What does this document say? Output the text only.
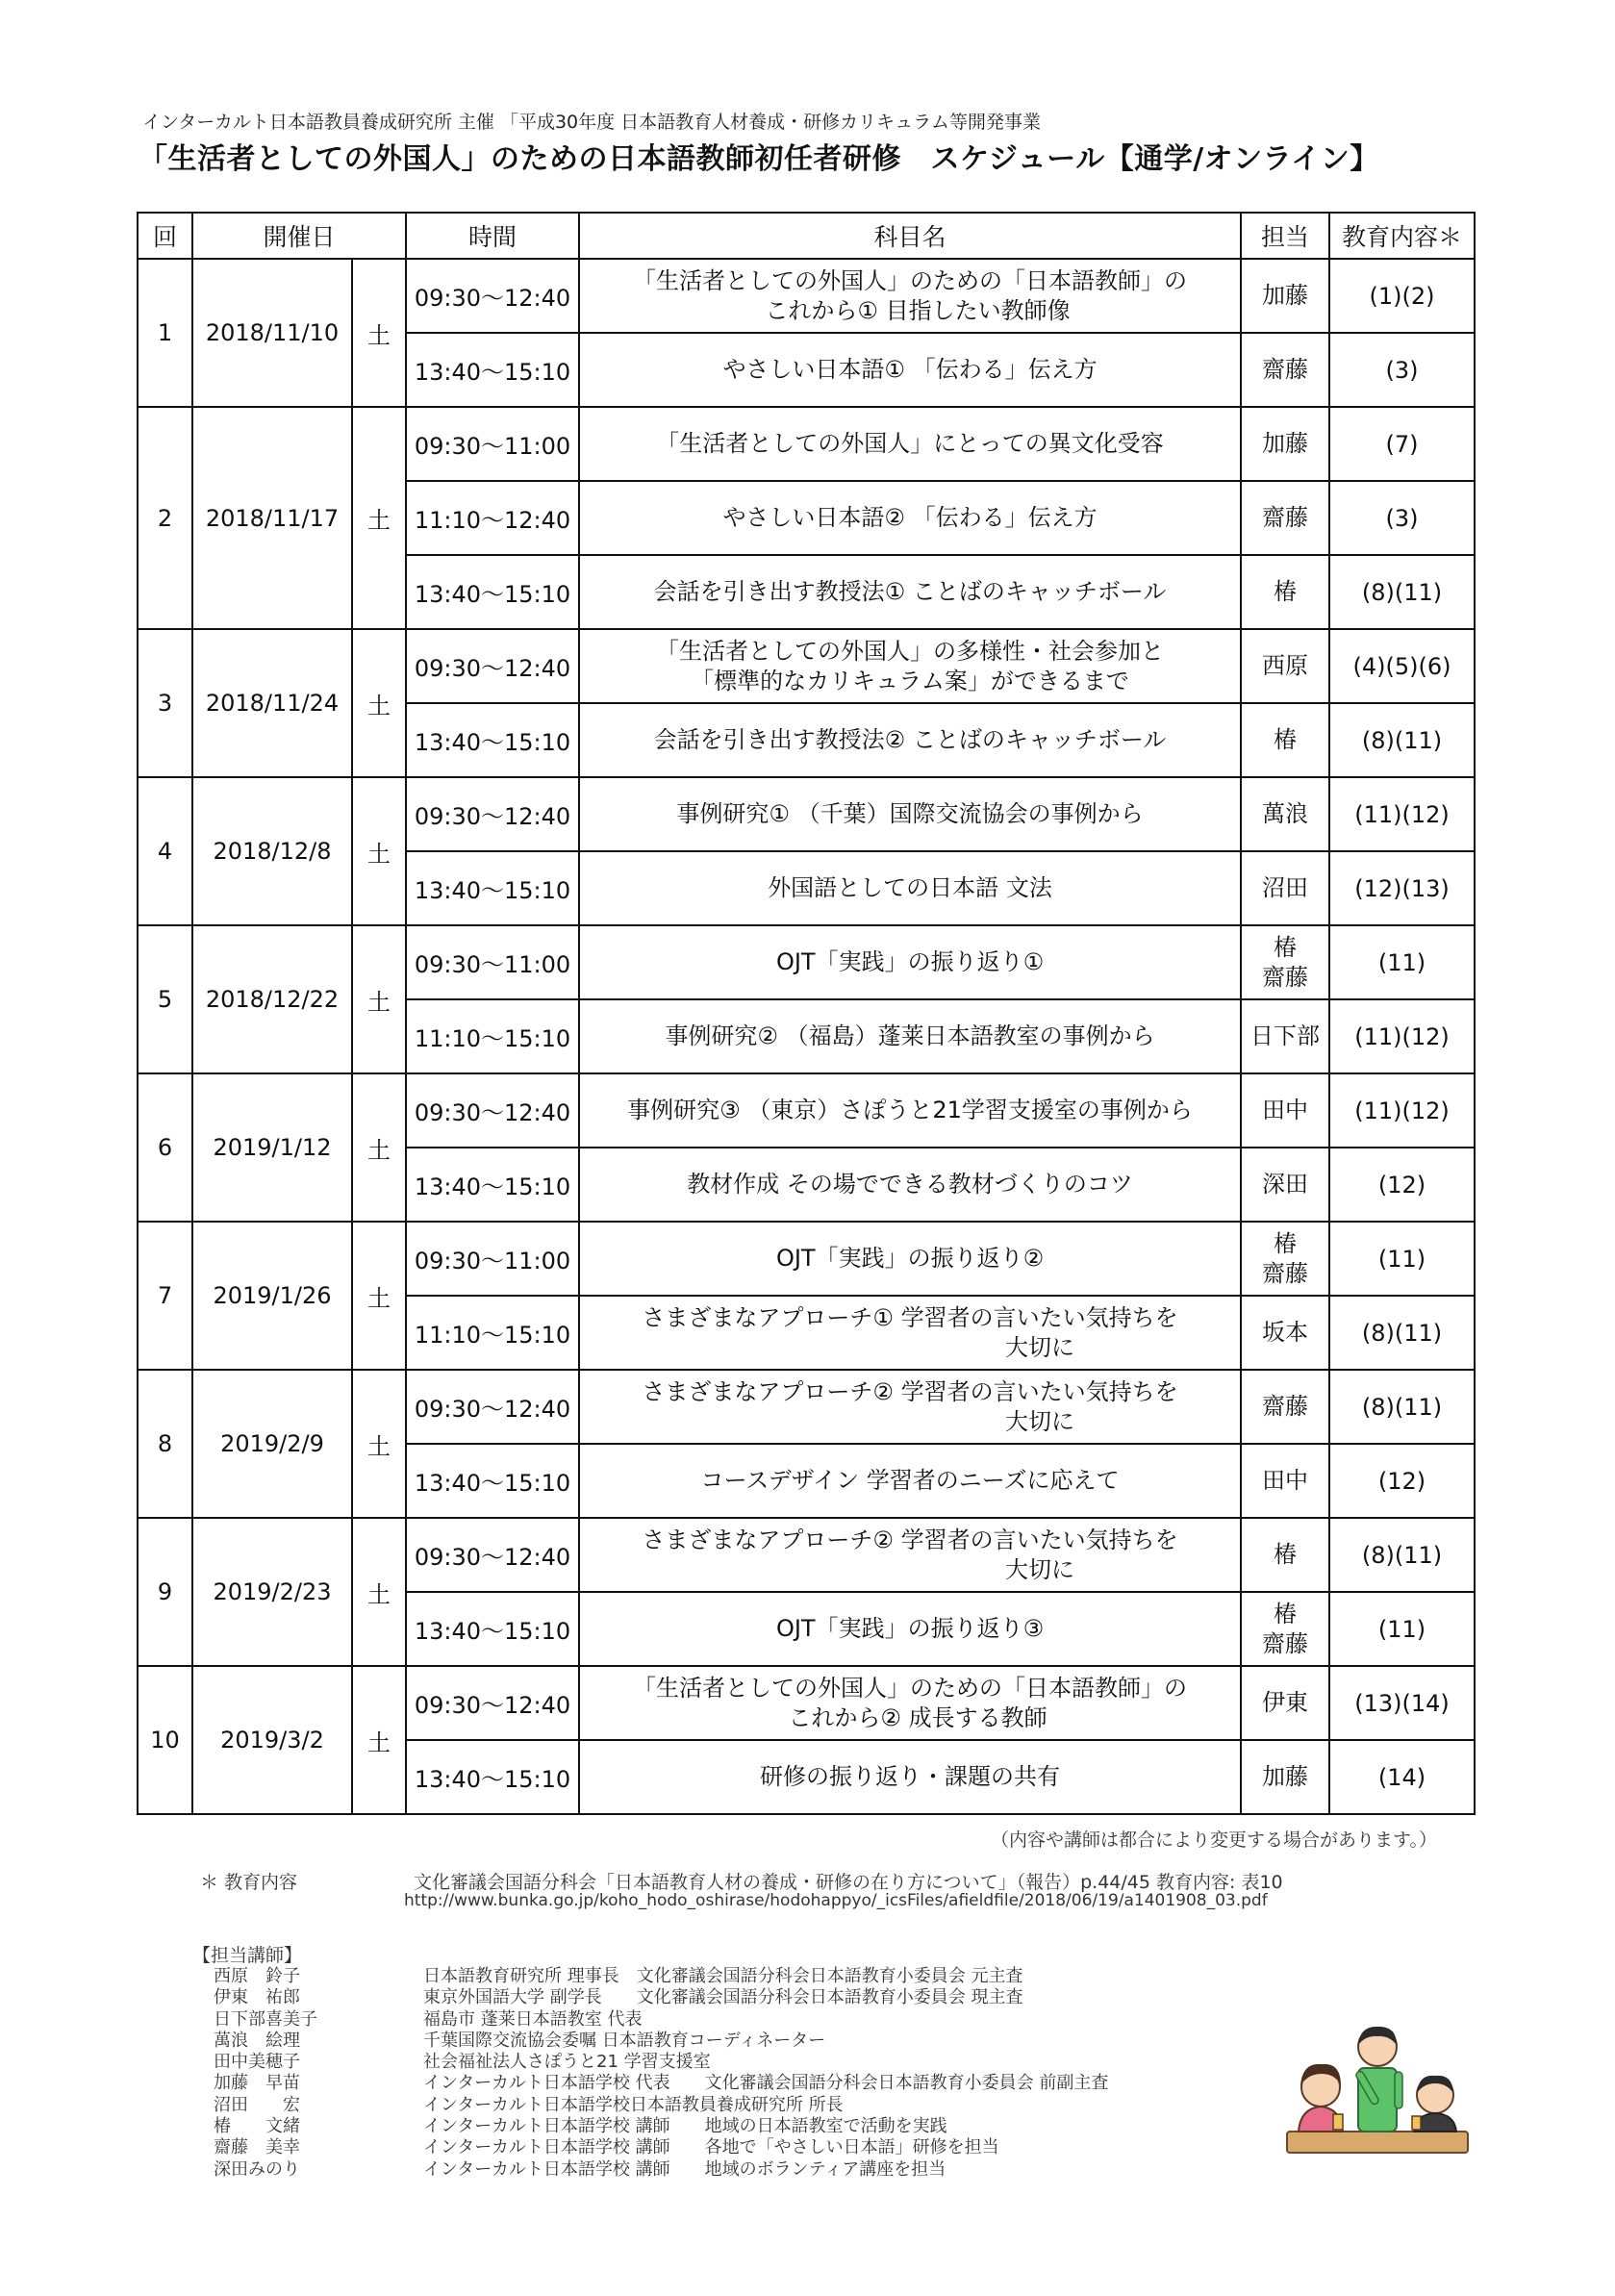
インターカルト日本語教員養成研究所 主催 「平成30年度 日本語教育人材養成・研修カリキュラム等開発事業
「生活者としての外国人」のための日本語教師初任者研修　スケジュール【通学/オンライン】
回	開催日		時間	科目名	担当	教育内容＊
1	2018/11/10	土	09:30～12:40	「生活者としての外国人」のための「日本語教師」の
これから① 目指したい教師像	加藤	(1)(2)
			13:40～15:10	やさしい日本語① 「伝わる」伝え方	齋藤	(3)
2	2018/11/17	土	09:30～11:00	「生活者としての外国人」にとっての異文化受容	加藤	(7)
			11:10～12:40	やさしい日本語② 「伝わる」伝え方	齋藤	(3)
			13:40～15:10	会話を引き出す教授法① ことばのキャッチボール	椿	(8)(11)
3	2018/11/24	土	09:30～12:40	「生活者としての外国人」の多様性・社会参加と
「標準的なカリキュラム案」ができるまで	西原	(4)(5)(6)
			13:40～15:10	会話を引き出す教授法② ことばのキャッチボール	椿	(8)(11)
4	2018/12/8	土	09:30～12:40	事例研究① （千葉）国際交流協会の事例から	萬浪	(11)(12)
			13:40～15:10	外国語としての日本語 文法	沼田	(12)(13)
5	2018/12/22	土	09:30～11:00	OJT「実践」の振り返り①	椿
齋藤	(11)
			11:10～15:10	事例研究② （福島）蓬莱日本語教室の事例から	日下部	(11)(12)
6	2019/1/12	土	09:30～12:40	事例研究③ （東京）さぽうと21学習支援室の事例から	田中	(11)(12)
			13:40～15:10	教材作成 その場でできる教材づくりのコツ	深田	(12)
7	2019/1/26	土	09:30～11:00	OJT「実践」の振り返り②	椿
齋藤	(11)
			11:10～15:10	さまざまなアプローチ① 学習者の言いたい気持ちを
大切に	坂本	(8)(11)
8	2019/2/9	土	09:30～12:40	さまざまなアプローチ② 学習者の言いたい気持ちを
大切に	齋藤	(8)(11)
			13:40～15:10	コースデザイン 学習者のニーズに応えて	田中	(12)
9	2019/2/23	土	09:30～12:40	さまざまなアプローチ② 学習者の言いたい気持ちを
大切に	椿	(8)(11)
			13:40～15:10	OJT「実践」の振り返り③	椿
齋藤	(11)
10	2019/3/2	土	09:30～12:40	「生活者としての外国人」のための「日本語教師」の
これから② 成長する教師	伊東	(13)(14)
			13:40～15:10	研修の振り返り・課題の共有	加藤	(14)
（内容や講師は都合により変更する場合があります。）
＊ 教育内容	文化審議会国語分科会「日本語教育人材の養成・研修の在り方について」（報告）p.44/45 教育内容: 表10
http://www.bunka.go.jp/koho_hodo_oshirase/hodohappyo/_icsFiles/afieldfile/2018/06/19/a1401908_03.pdf
【担当講師】
西原　鈴子	日本語教育研究所 理事長　文化審議会国語分科会日本語教育小委員会 元主査
伊東　祐郎	東京外国語大学 副学長　　文化審議会国語分科会日本語教育小委員会 現主査
日下部喜美子	福島市 蓬莱日本語教室 代表
萬浪　絵理	千葉国際交流協会委嘱 日本語教育コーディネーター
田中美穂子	社会福祉法人さぽうと21 学習支援室
加藤　早苗	インターカルト日本語学校 代表　　文化審議会国語分科会日本語教育小委員会 前副主査
沼田　　宏	インターカルト日本語学校日本語教員養成研究所 所長
椿　　文緒	インターカルト日本語学校 講師　　地域の日本語教室で活動を実践
齋藤　美幸	インターカルト日本語学校 講師　　各地で「やさしい日本語」研修を担当
深田みのり	インターカルト日本語学校 講師　　地域のボランティア講座を担当
